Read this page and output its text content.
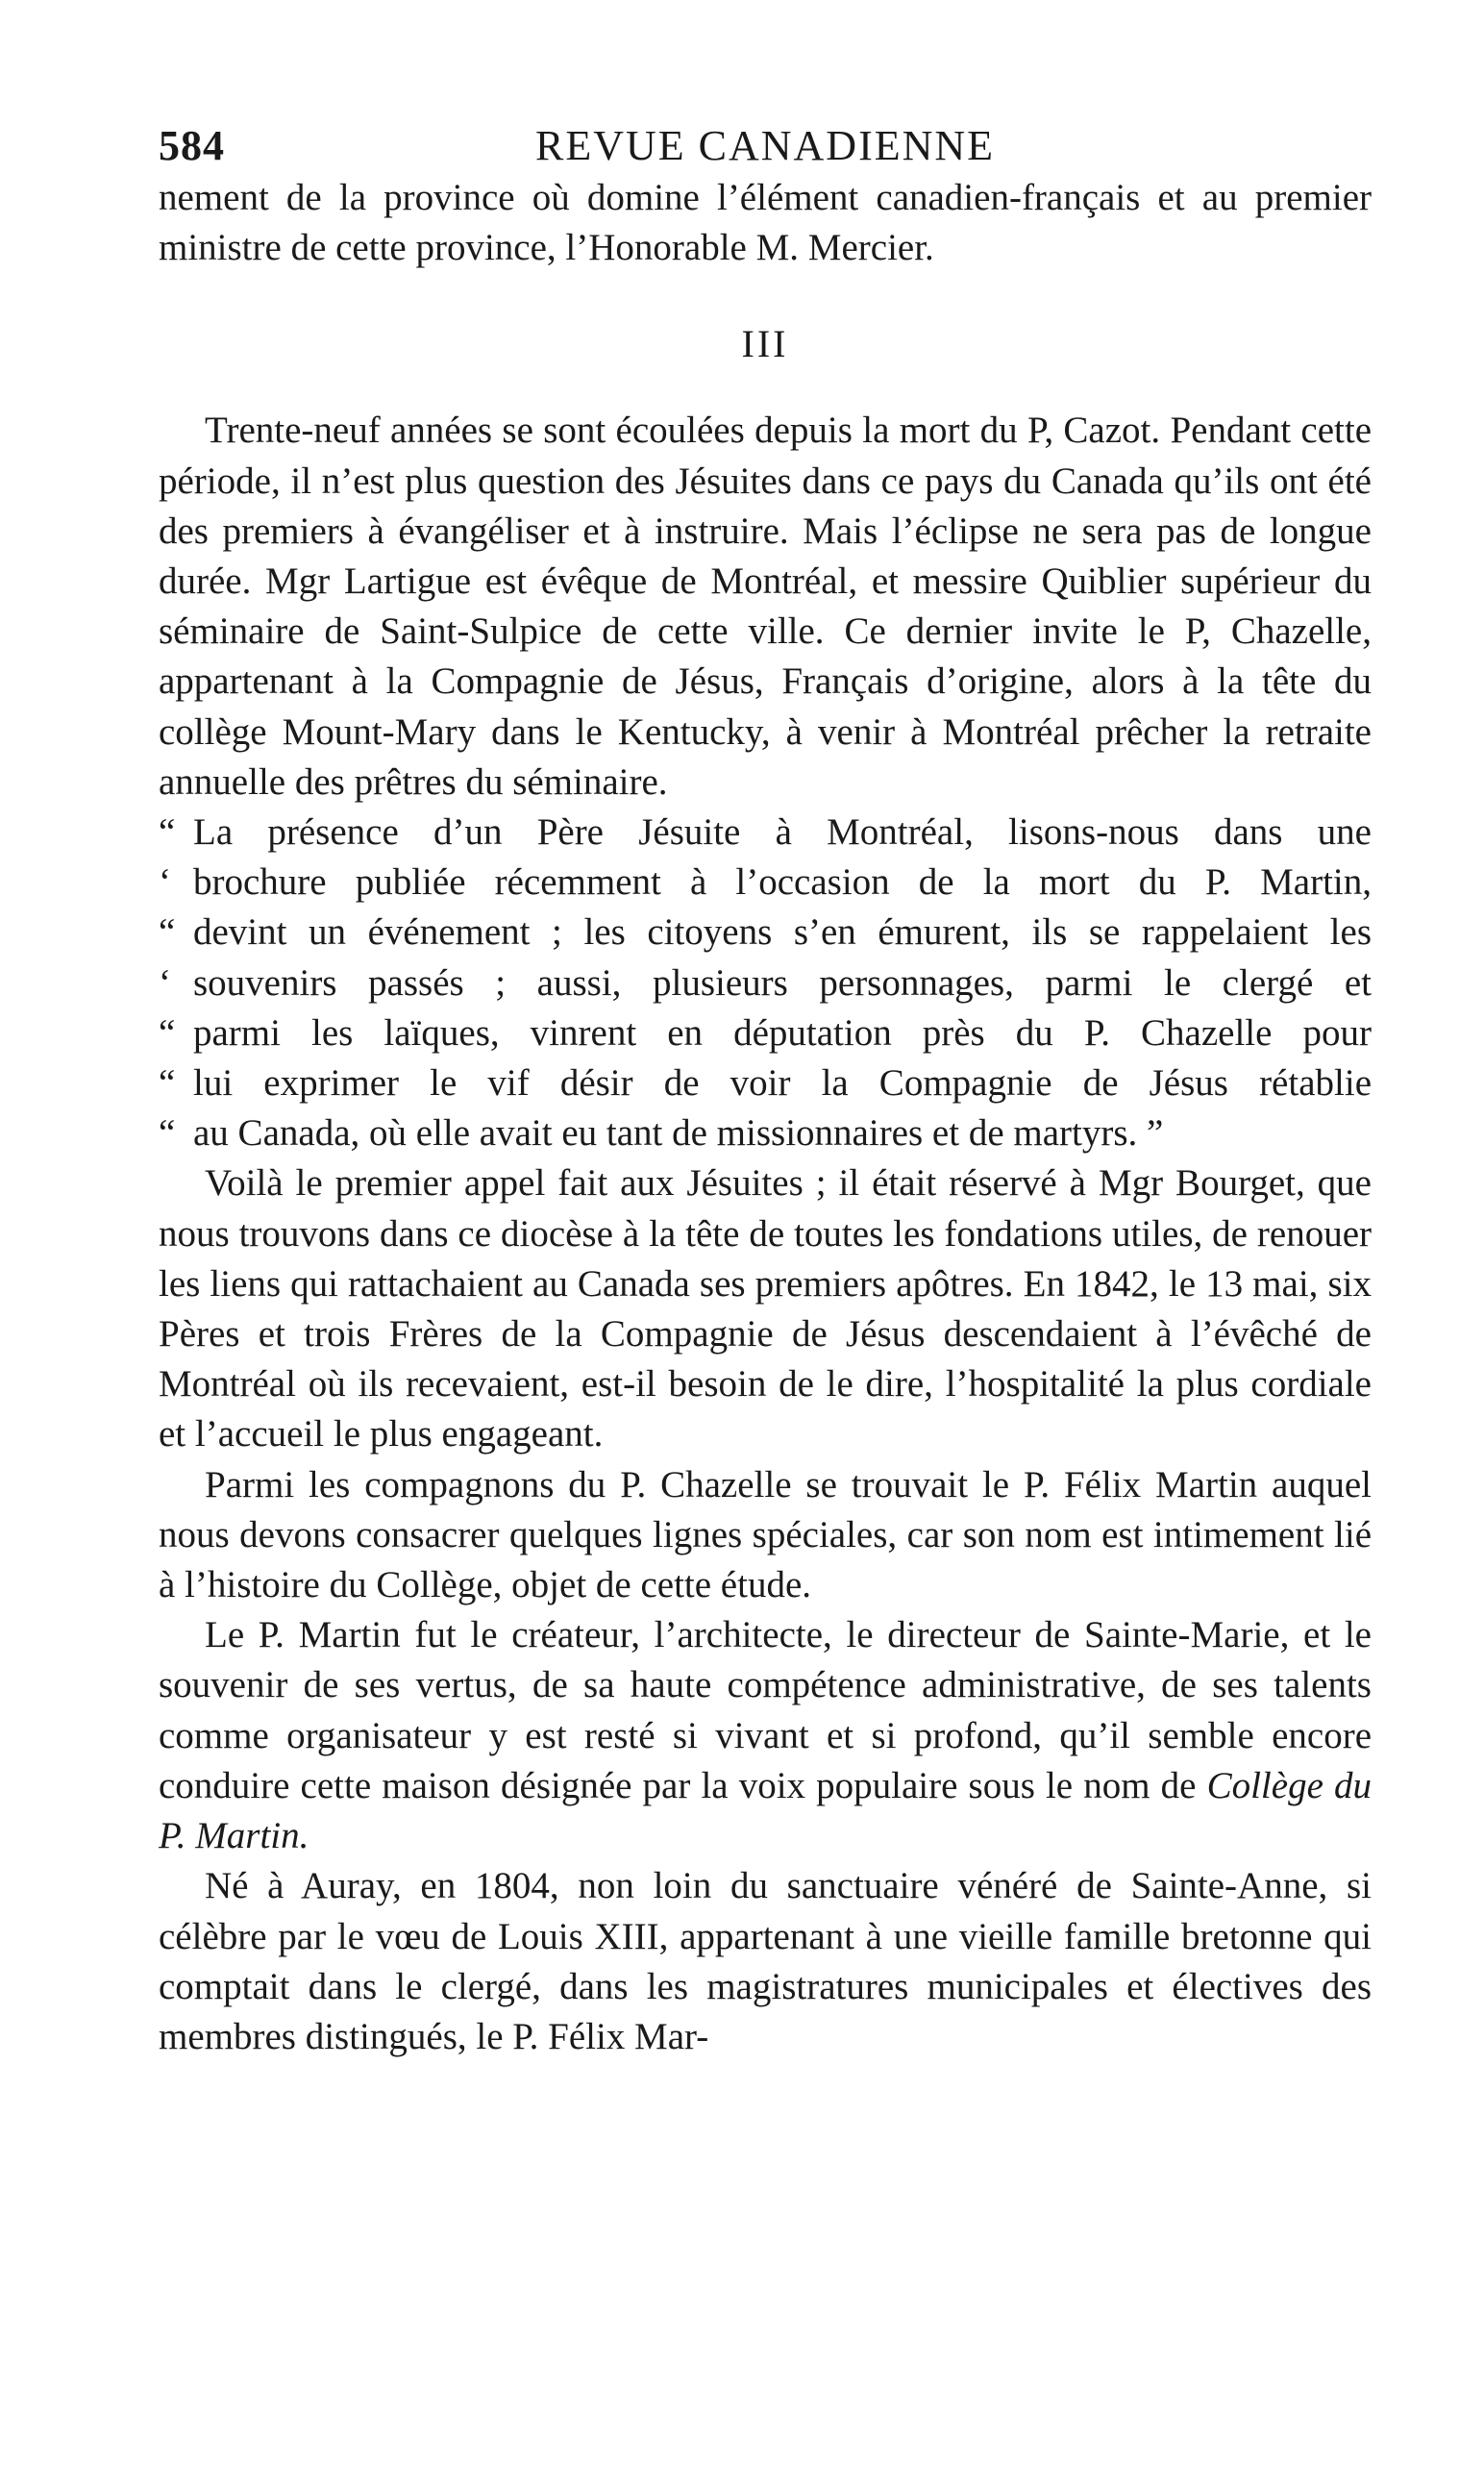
584	REVUE CANADIENNE

nement de la province où domine l’élément canadien-français et au premier ministre de cette province, l’Honorable M. Mercier.

III

Trente-neuf années se sont écoulées depuis la mort du P, Cazot. Pendant cette période, il n’est plus question des Jésuites dans ce pays du Canada qu’ils ont été des premiers à évangéliser et à instruire. Mais l’éclipse ne sera pas de longue durée. Mgr Lartigue est évêque de Montréal, et messire Quiblier supérieur du séminaire de Saint-Sulpice de cette ville. Ce dernier invite le P, Chazelle, appartenant à la Compagnie de Jésus, Français d’origine, alors à la tête du collège Mount-Mary dans le Kentucky, à venir à Montréal prêcher la retraite annuelle des prêtres du séminaire.

“ La présence d’un Père Jésuite à Montréal, lisons-nous dans une
‘ brochure publiée récemment à l’occasion de la mort du P. Martin,
“ devint un événement ; les citoyens s’en émurent, ils se rappelaient les
‘ souvenirs passés ; aussi, plusieurs personnages, parmi le clergé et
“ parmi les laïques, vinrent en députation près du P. Chazelle pour
“ lui exprimer le vif désir de voir la Compagnie de Jésus rétablie
“ au Canada, où elle avait eu tant de missionnaires et de martyrs. ”

Voilà le premier appel fait aux Jésuites ; il était réservé à Mgr Bourget, que nous trouvons dans ce diocèse à la tête de toutes les fondations utiles, de renouer les liens qui rattachaient au Canada ses premiers apôtres. En 1842, le 13 mai, six Pères et trois Frères de la Compagnie de Jésus descendaient à l’évêché de Montréal où ils recevaient, est-il besoin de le dire, l’hospitalité la plus cordiale et l’accueil le plus engageant.

Parmi les compagnons du P. Chazelle se trouvait le P. Félix Martin auquel nous devons consacrer quelques lignes spéciales, car son nom est intimement lié à l’histoire du Collège, objet de cette étude.

Le P. Martin fut le créateur, l’architecte, le directeur de Sainte-Marie, et le souvenir de ses vertus, de sa haute compétence administrative, de ses talents comme organisateur y est resté si vivant et si profond, qu’il semble encore conduire cette maison désignée par la voix populaire sous le nom de Collège du P. Martin.

Né à Auray, en 1804, non loin du sanctuaire vénéré de Sainte-Anne, si célèbre par le vœu de Louis XIII, appartenant à une vieille famille bretonne qui comptait dans le clergé, dans les magistratures municipales et électives des membres distingués, le P. Félix Mar-
